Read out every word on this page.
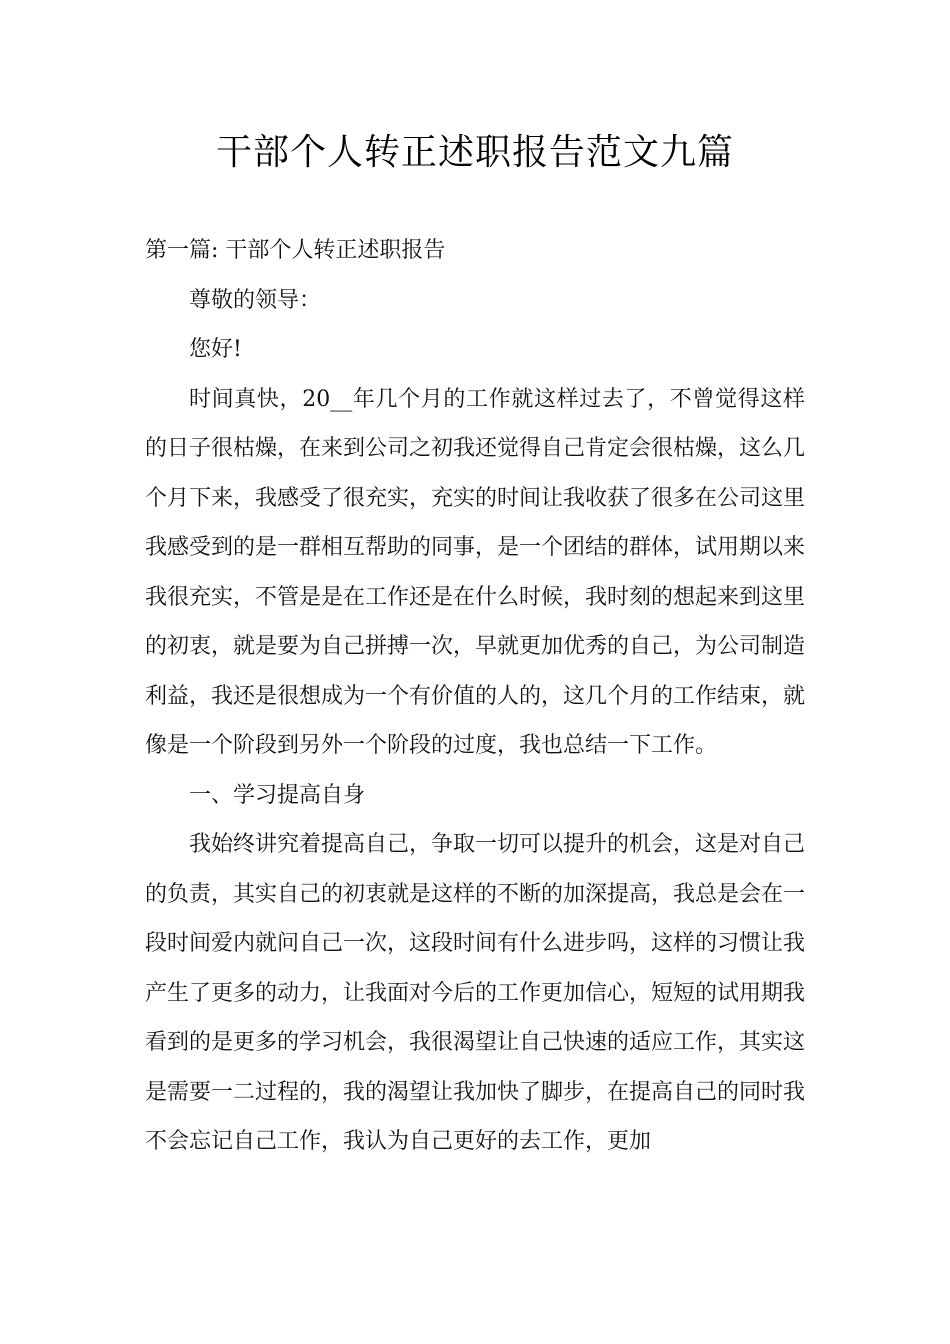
干部个人转正述职报告范文九篇

第一篇: 干部个人转正述职报告

尊敬的领导：

您好!

时间真快，20__年几个月的工作就这样过去了，不曾觉得这样的日子很枯燥，在来到公司之初我还觉得自己肯定会很枯燥，这么几个月下来，我感受了很充实，充实的时间让我收获了很多在公司这里我感受到的是一群相互帮助的同事，是一个团结的群体，试用期以来我很充实，不管是是在工作还是在什么时候，我时刻的想起来到这里的初衷，就是要为自己拼搏一次，早就更加优秀的自己，为公司制造利益，我还是很想成为一个有价值的人的，这几个月的工作结束，就像是一个阶段到另外一个阶段的过度，我也总结一下工作。

一、学习提高自身

我始终讲究着提高自己，争取一切可以提升的机会，这是对自己的负责，其实自己的初衷就是这样的不断的加深提高，我总是会在一段时间爱内就问自己一次，这段时间有什么进步吗，这样的习惯让我产生了更多的动力，让我面对今后的工作更加信心，短短的试用期我看到的是更多的学习机会，我很渴望让自己快速的适应工作，其实这是需要一二过程的，我的渴望让我加快了脚步，在提高自己的同时我不会忘记自己工作，我认为自己更好的去工作，更加
